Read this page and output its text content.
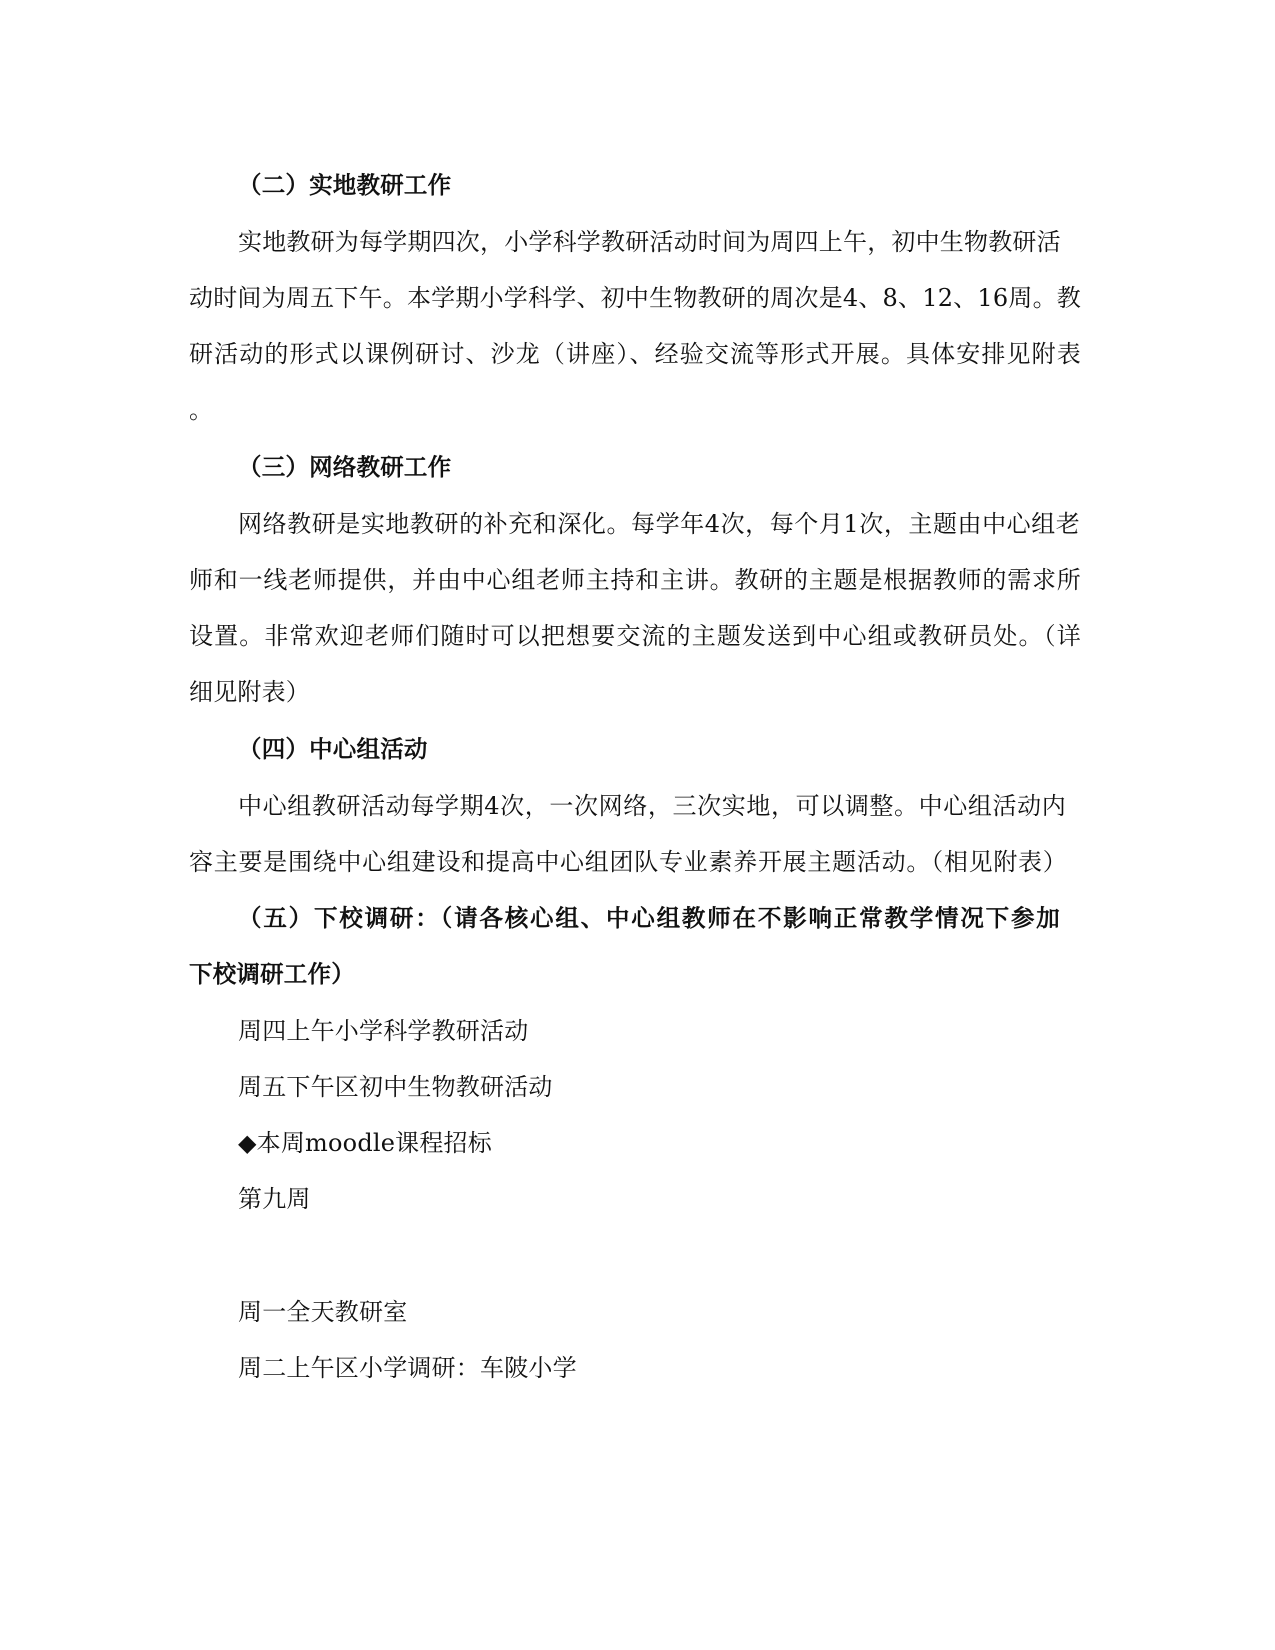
（二）实地教研工作
实地教研为每学期四次，小学科学教研活动时间为周四上午，初中生物教研活
动时间为周五下午。本学期小学科学、初中生物教研的周次是4、8、12、16周。教
研活动的形式以课例研讨、沙龙（讲座）、经验交流等形式开展。具体安排见附表
。
（三）网络教研工作
网络教研是实地教研的补充和深化。每学年4次，每个月1次，主题由中心组老
师和一线老师提供，并由中心组老师主持和主讲。教研的主题是根据教师的需求所
设置。非常欢迎老师们随时可以把想要交流的主题发送到中心组或教研员处。（详
细见附表）
（四）中心组活动
中心组教研活动每学期4次，一次网络，三次实地，可以调整。中心组活动内
容主要是围绕中心组建设和提高中心组团队专业素养开展主题活动。（相见附表）
（五）下校调研：（请各核心组、中心组教师在不影响正常教学情况下参加
下校调研工作）
周四上午小学科学教研活动
周五下午区初中生物教研活动
◆本周moodle课程招标
第九周
周一全天教研室
周二上午区小学调研：车陂小学
